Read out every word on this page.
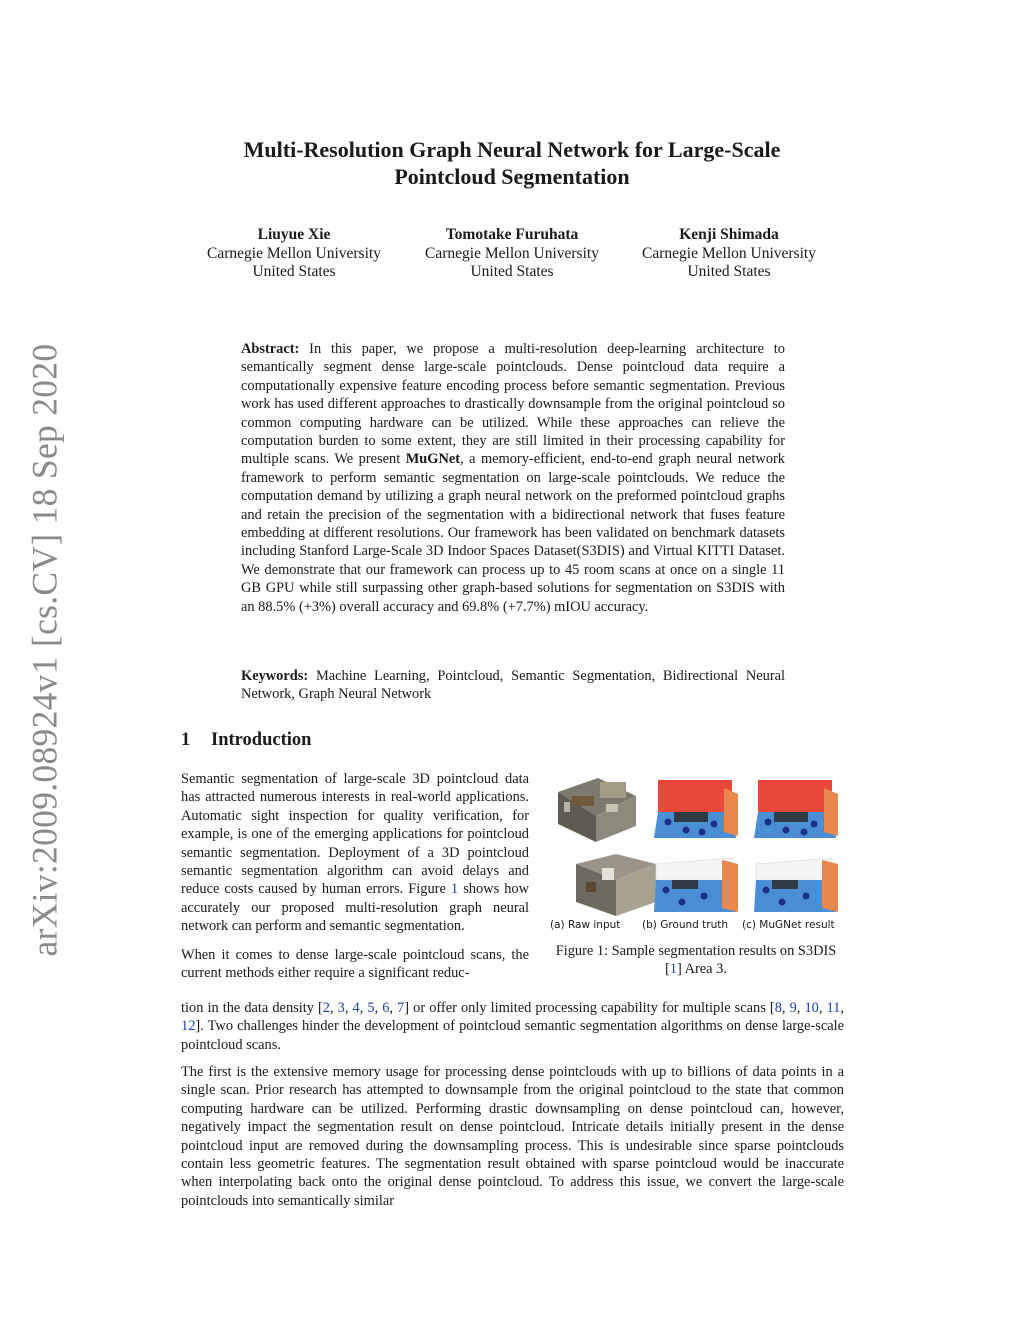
arXiv:2009.08924v1 [cs.CV] 18 Sep 2020
Multi-Resolution Graph Neural Network for Large-Scale
Pointcloud Segmentation
Liuyue Xie
Carnegie Mellon University
United States
Tomotake Furuhata
Carnegie Mellon University
United States
Kenji Shimada
Carnegie Mellon University
United States
Abstract: In this paper, we propose a multi-resolution deep-learning architecture to semantically segment dense large-scale pointclouds. Dense pointcloud data require a computationally expensive feature encoding process before semantic segmentation. Previous work has used different approaches to drastically downsample from the original pointcloud so common computing hardware can be utilized. While these approaches can relieve the computation burden to some extent, they are still limited in their processing capability for multiple scans. We present MuGNet, a memory-efficient, end-to-end graph neural network framework to perform semantic segmentation on large-scale pointclouds. We reduce the computation demand by utilizing a graph neural network on the preformed pointcloud graphs and retain the precision of the segmentation with a bidirectional network that fuses feature embedding at different resolutions. Our framework has been validated on benchmark datasets including Stanford Large-Scale 3D Indoor Spaces Dataset(S3DIS) and Virtual KITTI Dataset. We demonstrate that our framework can process up to 45 room scans at once on a single 11 GB GPU while still surpassing other graph-based solutions for segmentation on S3DIS with an 88.5% (+3%) overall accuracy and 69.8% (+7.7%) mIOU accuracy.
Keywords: Machine Learning, Pointcloud, Semantic Segmentation, Bidirectional Neural Network, Graph Neural Network
1 Introduction

Semantic segmentation of large-scale 3D pointcloud data has attracted numerous interests in real-world applications. Automatic sight inspection for quality verification, for example, is one of the emerging applications for pointcloud semantic segmentation. Deployment of a 3D pointcloud semantic segmentation algorithm can avoid delays and reduce costs caused by human errors. Figure 1 shows how accurately our proposed multi-resolution graph neural network can perform and semantic segmentation.

When it comes to dense large-scale pointcloud scans, the current methods either require a significant reduc-

tion in the data density [2, 3, 4, 5, 6, 7] or offer only limited processing capability for multiple scans [8, 9, 10, 11, 12]. Two challenges hinder the development of pointcloud semantic segmentation algorithms on dense large-scale pointcloud scans.

The first is the extensive memory usage for processing dense pointclouds with up to billions of data points in a single scan. Prior research has attempted to downsample from the original pointcloud to the state that common computing hardware can be utilized. Performing drastic downsampling on dense pointcloud can, however, negatively impact the segmentation result on dense pointcloud. Intricate details initially present in the dense pointcloud input are removed during the downsampling process. This is undesirable since sparse pointclouds contain less geometric features. The segmentation result obtained with sparse pointcloud would be inaccurate when interpolating back onto the original dense pointcloud. To address this issue, we convert the large-scale pointclouds into semantically similar

(a) Raw input (b) Ground truth (c) MuGNet result
Figure 1: Sample segmentation results on S3DIS [1] Area 3.
